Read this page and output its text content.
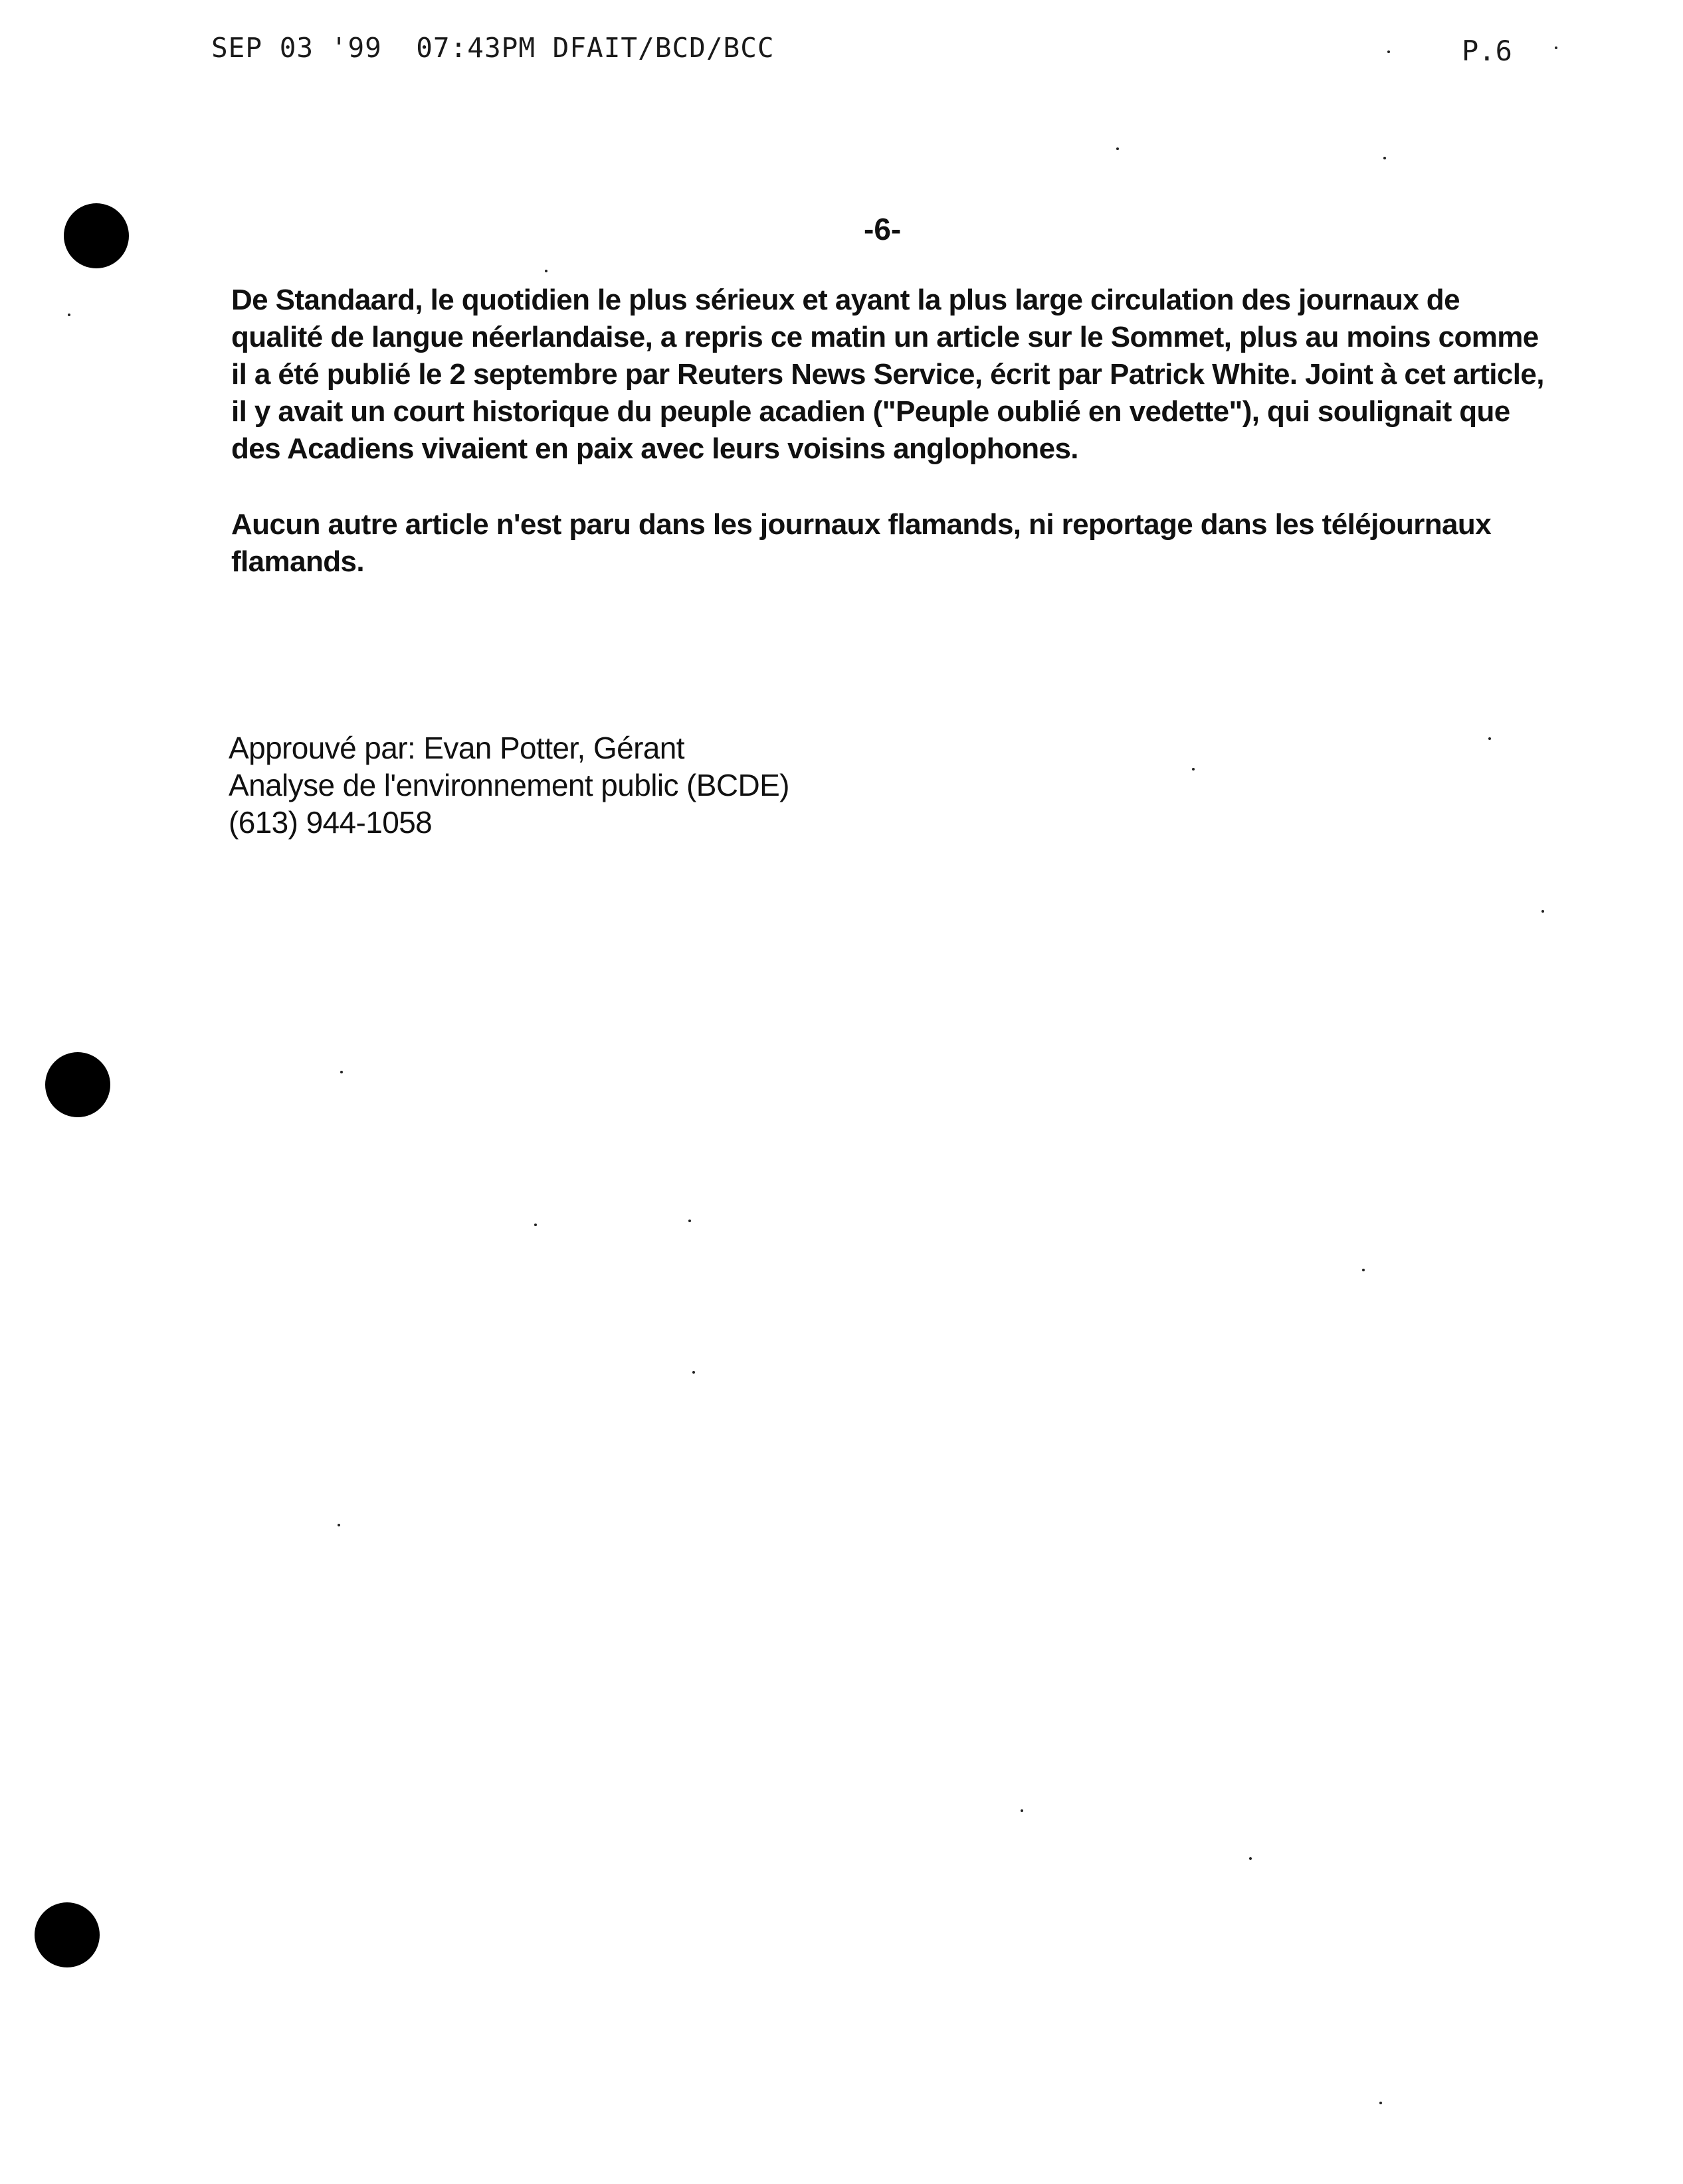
SEP 03 '99  07:43PM DFAIT/BCD/BCC	P.6
-6-

De Standaard, le quotidien le plus sérieux et ayant la plus large circulation des journaux de qualité de langue néerlandaise, a repris ce matin un article sur le Sommet, plus au moins comme il a été publié le 2 septembre par Reuters News Service, écrit par Patrick White. Joint à cet article, il y avait un court historique du peuple acadien ("Peuple oublié en vedette"), qui soulignait que des Acadiens vivaient en paix avec leurs voisins anglophones.

Aucun autre article n'est paru dans les journaux flamands, ni reportage dans les téléjournaux flamands.

Approuvé par: Evan Potter, Gérant
Analyse de l'environnement public (BCDE)
(613) 944-1058
